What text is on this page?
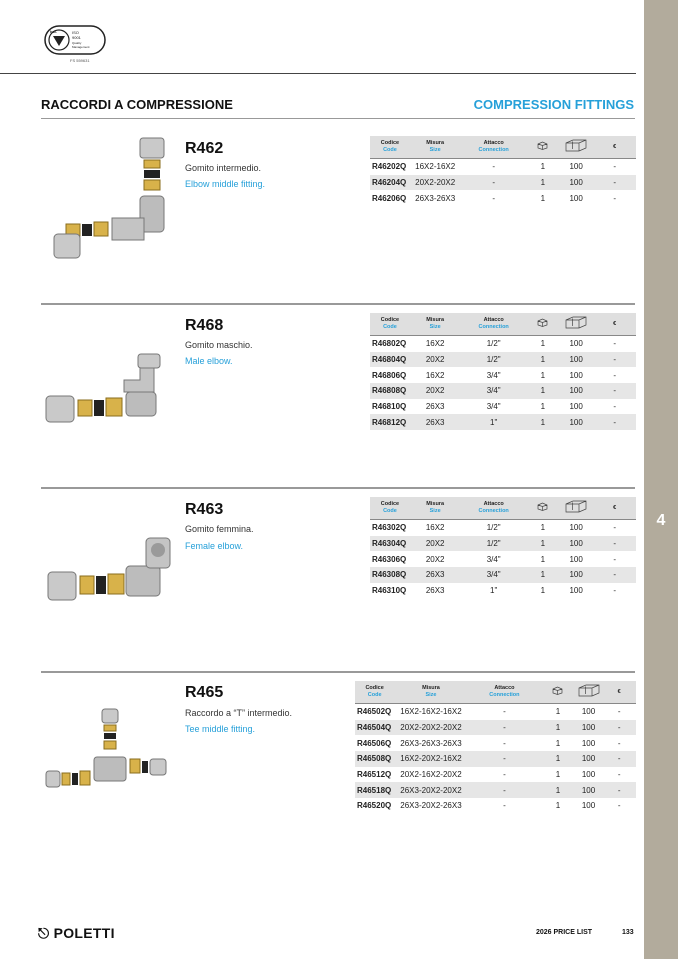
bsi.	ISO
9001
Quality
Management
FS 559631
4
RACCORDI A COMPRESSIONE	COMPRESSION FITTINGS
R462
Gomito intermedio.
Elbow middle fitting.
R468
Gomito maschio.
Male elbow.
R463
Gomito femmina.
Female elbow.
R465
Raccordo a “T” intermedio.
Tee middle fitting.
Codice
Code	Misura
Size	Attacco
Connection			€
R46202Q	16X2-16X2	-	1	100	-
R46204Q	20X2-20X2	-	1	100	-
R46206Q	26X3-26X3	-	1	100	-
Codice
Code	Misura
Size	Attacco
Connection			€
R46802Q	16X2	1/2"	1	100	-
R46804Q	20X2	1/2"	1	100	-
R46806Q	16X2	3/4"	1	100	-
R46808Q	20X2	3/4"	1	100	-
R46810Q	26X3	3/4"	1	100	-
R46812Q	26X3	1"	1	100	-
Codice
Code	Misura
Size	Attacco
Connection			€
R46302Q	16X2	1/2"	1	100	-
R46304Q	20X2	1/2"	1	100	-
R46306Q	20X2	3/4"	1	100	-
R46308Q	26X3	3/4"	1	100	-
R46310Q	26X3	1"	1	100	-
Codice
Code	Misura
Size	Attacco
Connection			€
R46502Q	16X2-16X2-16X2	-	1	100	-
R46504Q	20X2-20X2-20X2	-	1	100	-
R46506Q	26X3-26X3-26X3	-	1	100	-
R46508Q	16X2-20X2-16X2	-	1	100	-
R46512Q	20X2-16X2-20X2	-	1	100	-
R46518Q	26X3-20X2-20X2	-	1	100	-
R46520Q	26X3-20X2-26X3	-	1	100	-
⎋ POLETTI	2026 PRICE LIST	133
